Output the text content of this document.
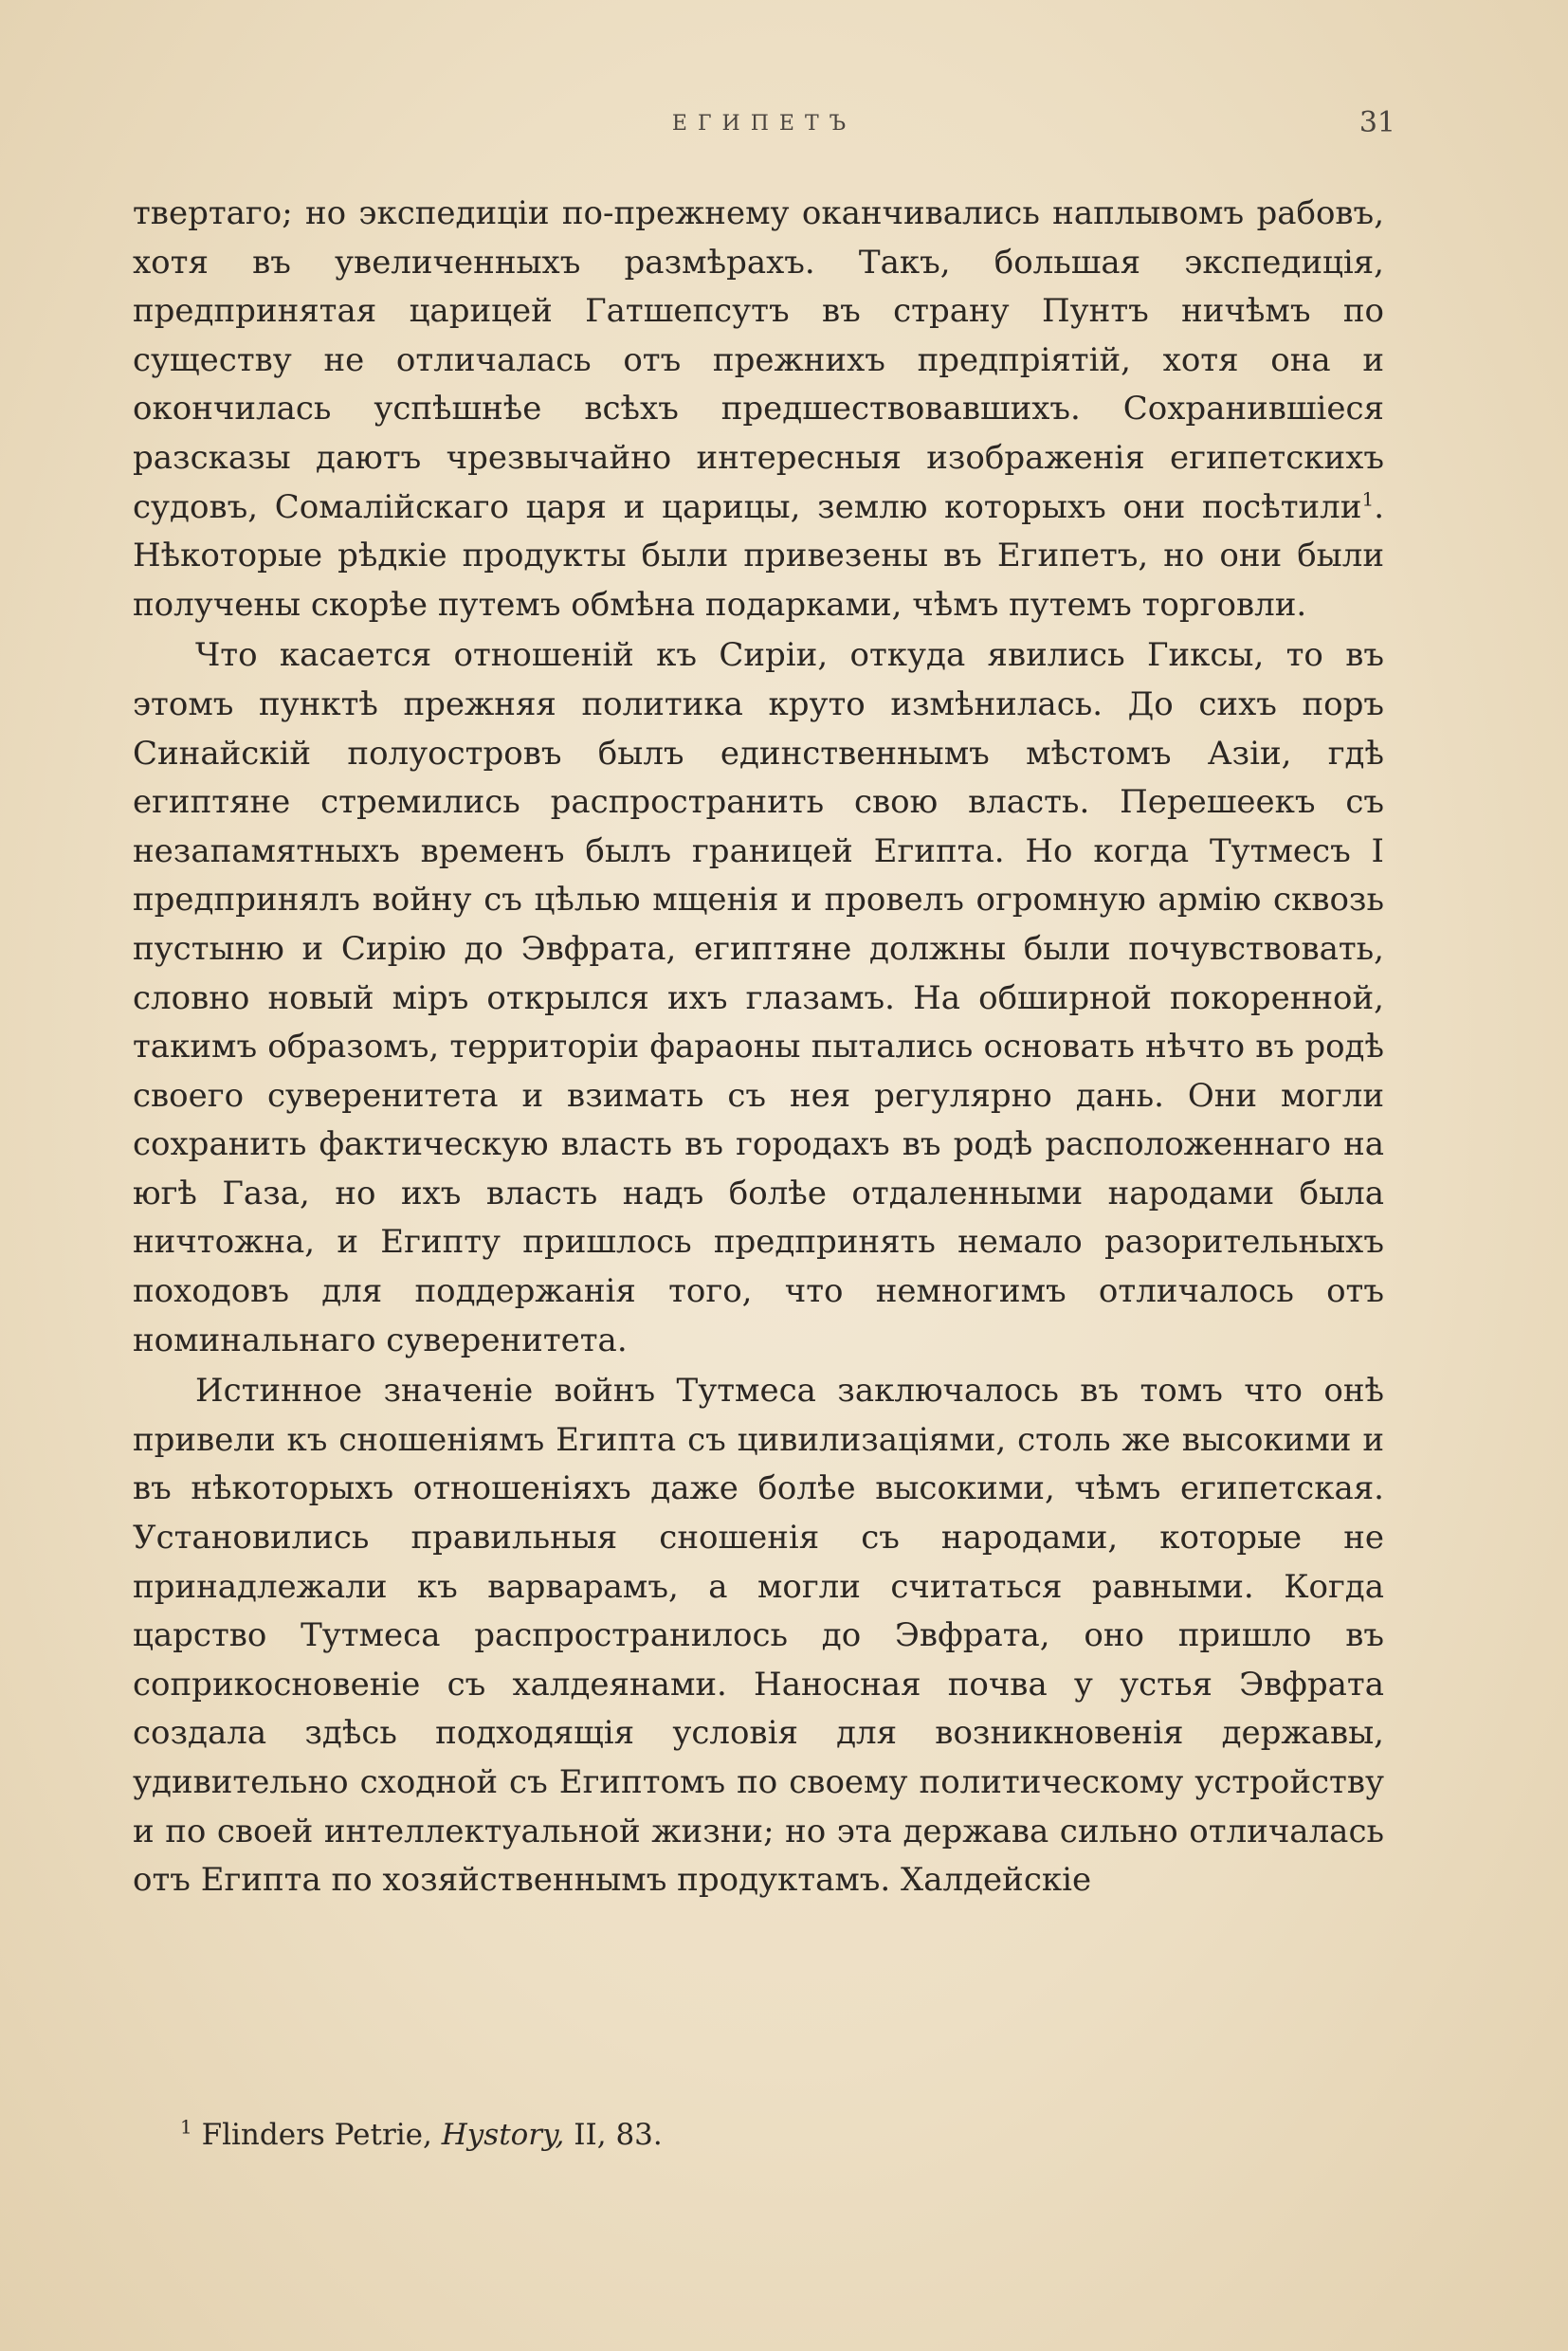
ЕГИПЕТЪ	31

твертаго; но экспедиціи по-прежнему оканчивались наплывомъ рабовъ, хотя въ увеличенныхъ размѣрахъ. Такъ, большая экспедиція, предпринятая царицей Гатшепсутъ въ страну Пунтъ ничѣмъ по существу не отличалась отъ прежнихъ предпріятій, хотя она и окончилась успѣшнѣе всѣхъ предшествовавшихъ. Сохранившіеся разсказы даютъ чрезвычайно интересныя изображенія египетскихъ судовъ, Сомалійскаго царя и царицы, землю которыхъ они посѣтили$^1$. Нѣкоторые рѣдкіе продукты были привезены въ Египетъ, но они были получены скорѣе путемъ обмѣна подарками, чѣмъ путемъ торговли.

Что касается отношеній къ Сиріи, откуда явились Гиксы, то въ этомъ пунктѣ прежняя политика круто измѣнилась. До сихъ поръ Синайскій полуостровъ былъ единственнымъ мѣстомъ Азіи, гдѣ египтяне стремились распространить свою власть. Перешеекъ съ незапамятныхъ временъ былъ границей Египта. Но когда Тутмесъ I предпринялъ войну съ цѣлью мщенія и провелъ огромную армію сквозь пустыню и Сирію до Эвфрата, египтяне должны были почувствовать, словно новый міръ открылся ихъ глазамъ. На обширной покоренной, такимъ образомъ, территоріи фараоны пытались основать нѣчто въ родѣ своего суверенитета и взимать съ нея регулярно дань. Они могли сохранить фактическую власть въ городахъ въ родѣ расположеннаго на югѣ Газа, но ихъ власть надъ болѣе отдаленными народами была ничтожна, и Египту пришлось предпринять немало разорительныхъ походовъ для поддержанія того, что немногимъ отличалось отъ номинальнаго суверенитета.

Истинное значеніе войнъ Тутмеса заключалось въ томъ что онѣ привели къ сношеніямъ Египта съ цивилизаціями, столь же высокими и въ нѣкоторыхъ отношеніяхъ даже болѣе высокими, чѣмъ египетская. Установились правильныя сношенія съ народами, которые не принадлежали къ варварамъ, а могли считаться равными. Когда царство Тутмеса распространилось до Эвфрата, оно пришло въ соприкосновеніе съ халдеянами. Наносная почва у устья Эвфрата создала здѣсь подходящія условія для возникновенія державы, удивительно сходной съ Египтомъ по своему политическому устройству и по своей интеллектуальной жизни; но эта держава сильно отличалась отъ Египта по хозяйственнымъ продуктамъ. Халдейскіе

$^1$ Flinders Petrie, Hystory, II, 83.
